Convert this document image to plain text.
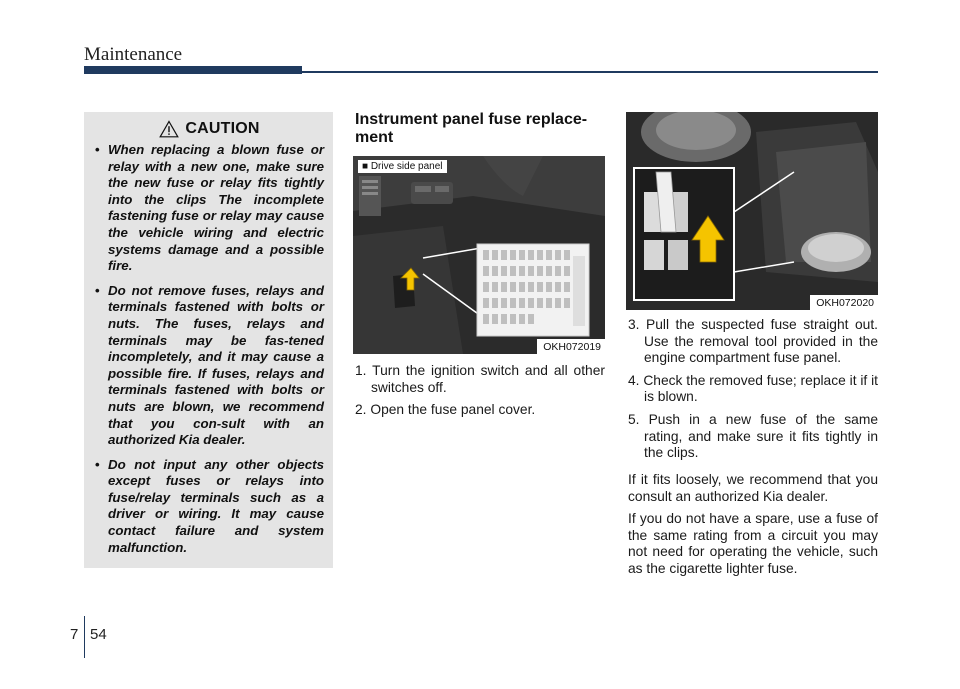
Maintenance
CAUTION
• When replacing a blown fuse or relay with a new one, make sure the new fuse or relay fits tightly into the clips The incomplete fastening fuse or relay may cause the vehicle wiring and electric systems damage and a possible fire.
• Do not remove fuses, relays and terminals fastened with bolts or nuts. The fuses, relays and terminals may be fas-tened incompletely, and it may cause a possible fire. If fuses, relays and terminals fastened with bolts or nuts are blown, we recommend that you con-sult with an authorized Kia dealer.
• Do not input any other objects except fuses or relays into fuse/relay terminals such as a driver or wiring. It may cause contact failure and system malfunction.
Instrument panel fuse replace-ment
■ Drive side panel
OKH072019
1. Turn the ignition switch and all other switches off.
2. Open the fuse panel cover.
OKH072020
3. Pull the suspected fuse straight out. Use the removal tool provided in the engine compartment fuse panel.
4. Check the removed fuse; replace it if it is blown.
5. Push in a new fuse of the same rating, and make sure it fits tightly in the clips.

If it fits loosely, we recommend that you consult an authorized Kia dealer.

If you do not have a spare, use a fuse of the same rating from a circuit you may not need for operating the vehicle, such as the cigarette lighter fuse.

7 54
